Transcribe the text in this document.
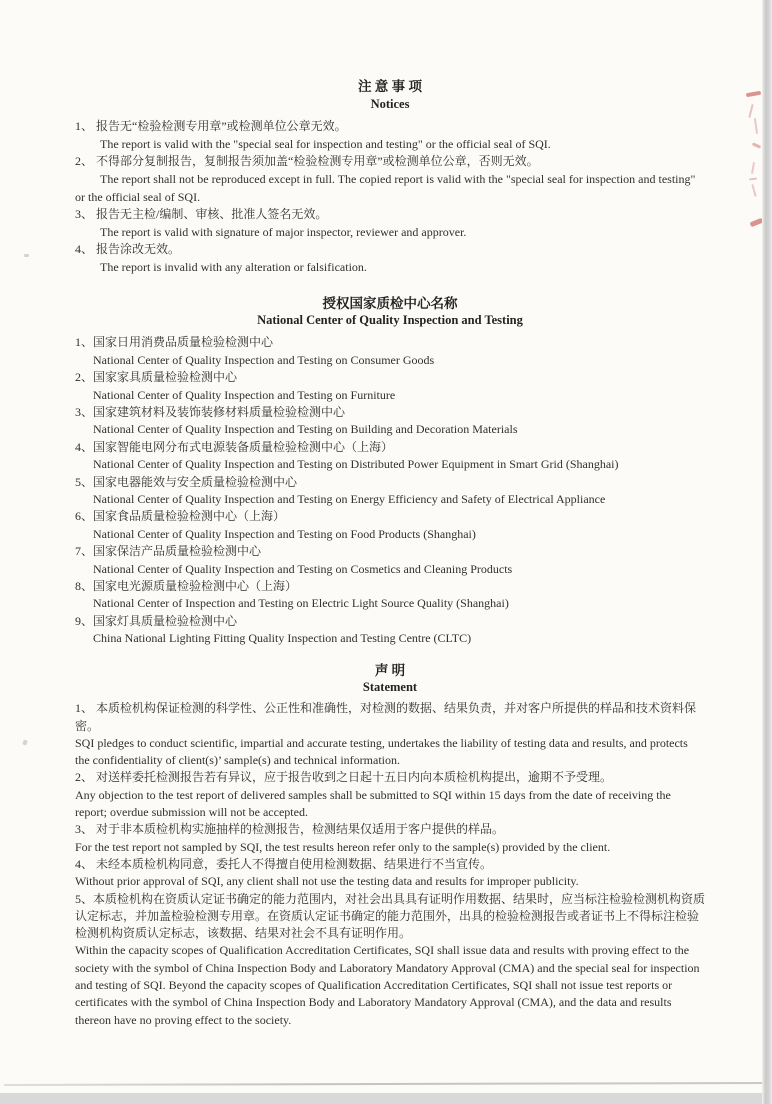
注 意 事 项

Notices

1、 报告无“检验检测专用章”或检测单位公章无效。

The report is valid with the "special seal for inspection and testing" or the official seal of SQI.

2、 不得部分复制报告，复制报告须加盖“检验检测专用章”或检测单位公章，否则无效。

The report shall not be reproduced except in full. The copied report is valid with the "special seal for inspection and testing" or the official seal of SQI.

3、 报告无主检/编制、审核、批准人签名无效。

The report is valid with signature of major inspector, reviewer and approver.

4、 报告涂改无效。

The report is invalid with any alteration or falsification.

授权国家质检中心名称

National Center of Quality Inspection and Testing

1、国家日用消费品质量检验检测中心

National Center of Quality Inspection and Testing on Consumer Goods

2、国家家具质量检验检测中心

National Center of Quality Inspection and Testing on Furniture

3、国家建筑材料及装饰装修材料质量检验检测中心

National Center of Quality Inspection and Testing on Building and Decoration Materials

4、国家智能电网分布式电源装备质量检验检测中心（上海）

National Center of Quality Inspection and Testing on Distributed Power Equipment in Smart Grid (Shanghai)

5、国家电器能效与安全质量检验检测中心

National Center of Quality Inspection and Testing on Energy Efficiency and Safety of Electrical Appliance

6、国家食品质量检验检测中心（上海）

National Center of Quality Inspection and Testing on Food Products (Shanghai)

7、国家保洁产品质量检验检测中心

National Center of Quality Inspection and Testing on Cosmetics and Cleaning Products

8、国家电光源质量检验检测中心（上海）

National Center of Inspection and Testing on Electric Light Source Quality (Shanghai)

9、国家灯具质量检验检测中心

China National Lighting Fitting Quality Inspection and Testing Centre (CLTC)

声 明

Statement

1、 本质检机构保证检测的科学性、公正性和准确性，对检测的数据、结果负责，并对客户所提供的样品和技术资料保密。

SQI pledges to conduct scientific, impartial and accurate testing, undertakes the liability of testing data and results, and protects the confidentiality of client(s)’ sample(s) and technical information.

2、 对送样委托检测报告若有异议，应于报告收到之日起十五日内向本质检机构提出，逾期不予受理。

Any objection to the test report of delivered samples shall be submitted to SQI within 15 days from the date of receiving the report; overdue submission will not be accepted.

3、 对于非本质检机构实施抽样的检测报告，检测结果仅适用于客户提供的样品。

For the test report not sampled by SQI, the test results hereon refer only to the sample(s) provided by the client.

4、 未经本质检机构同意，委托人不得擅自使用检测数据、结果进行不当宣传。

Without prior approval of SQI, any client shall not use the testing data and results for improper publicity.

5、本质检机构在资质认定证书确定的能力范围内，对社会出具具有证明作用数据、结果时，应当标注检验检测机构资质认定标志，并加盖检验检测专用章。在资质认定证书确定的能力范围外，出具的检验检测报告或者证书上不得标注检验检测机构资质认定标志，该数据、结果对社会不具有证明作用。

Within the capacity scopes of Qualification Accreditation Certificates, SQI shall issue data and results with proving effect to the society with the symbol of China Inspection Body and Laboratory Mandatory Approval (CMA) and the special seal for inspection and testing of SQI. Beyond the capacity scopes of Qualification Accreditation Certificates, SQI shall not issue test reports or certificates with the symbol of China Inspection Body and Laboratory Mandatory Approval (CMA), and the data and results thereon have no proving effect to the society.
